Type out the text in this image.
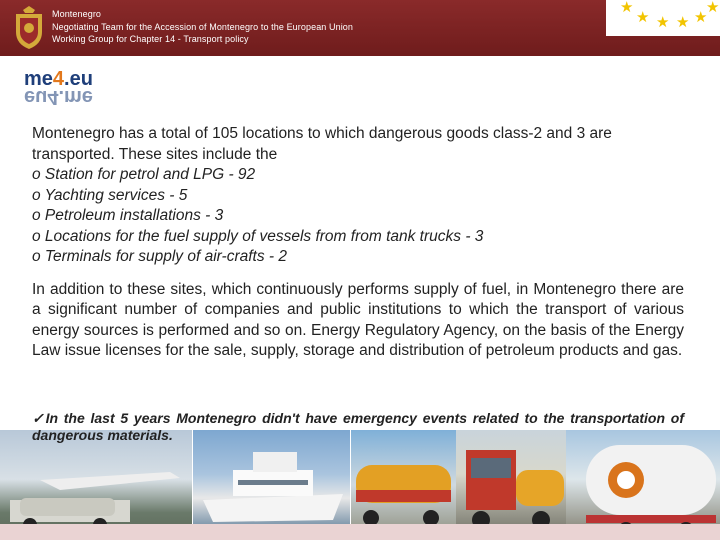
Montenegro
Negotiating Team for the Accession of Montenegro to the European Union
Working Group for Chapter 14 - Transport policy
★
★ ★ ★ ★
★
me4.eu
eu4.me

Montenegro has a total of 105 locations to which dangerous goods class-2 and 3 are transported. These sites include the

o Station for petrol and LPG - 92

o Yachting services - 5

o Petroleum installations - 3

o Locations for the fuel supply of vessels from from tank trucks - 3

o Terminals for supply of air-crafts - 2

In addition to these sites, which continuously performs supply of fuel, in Montenegro there are a significant number of companies and public institutions to which the transport of various energy sources is performed and so on. Energy Regulatory Agency, on the basis of the Energy Law issue licenses for the sale, supply, storage and distribution of petroleum products and gas.

✓In the last 5 years Montenegro didn't have emergency events related to the transportation of dangerous materials.
